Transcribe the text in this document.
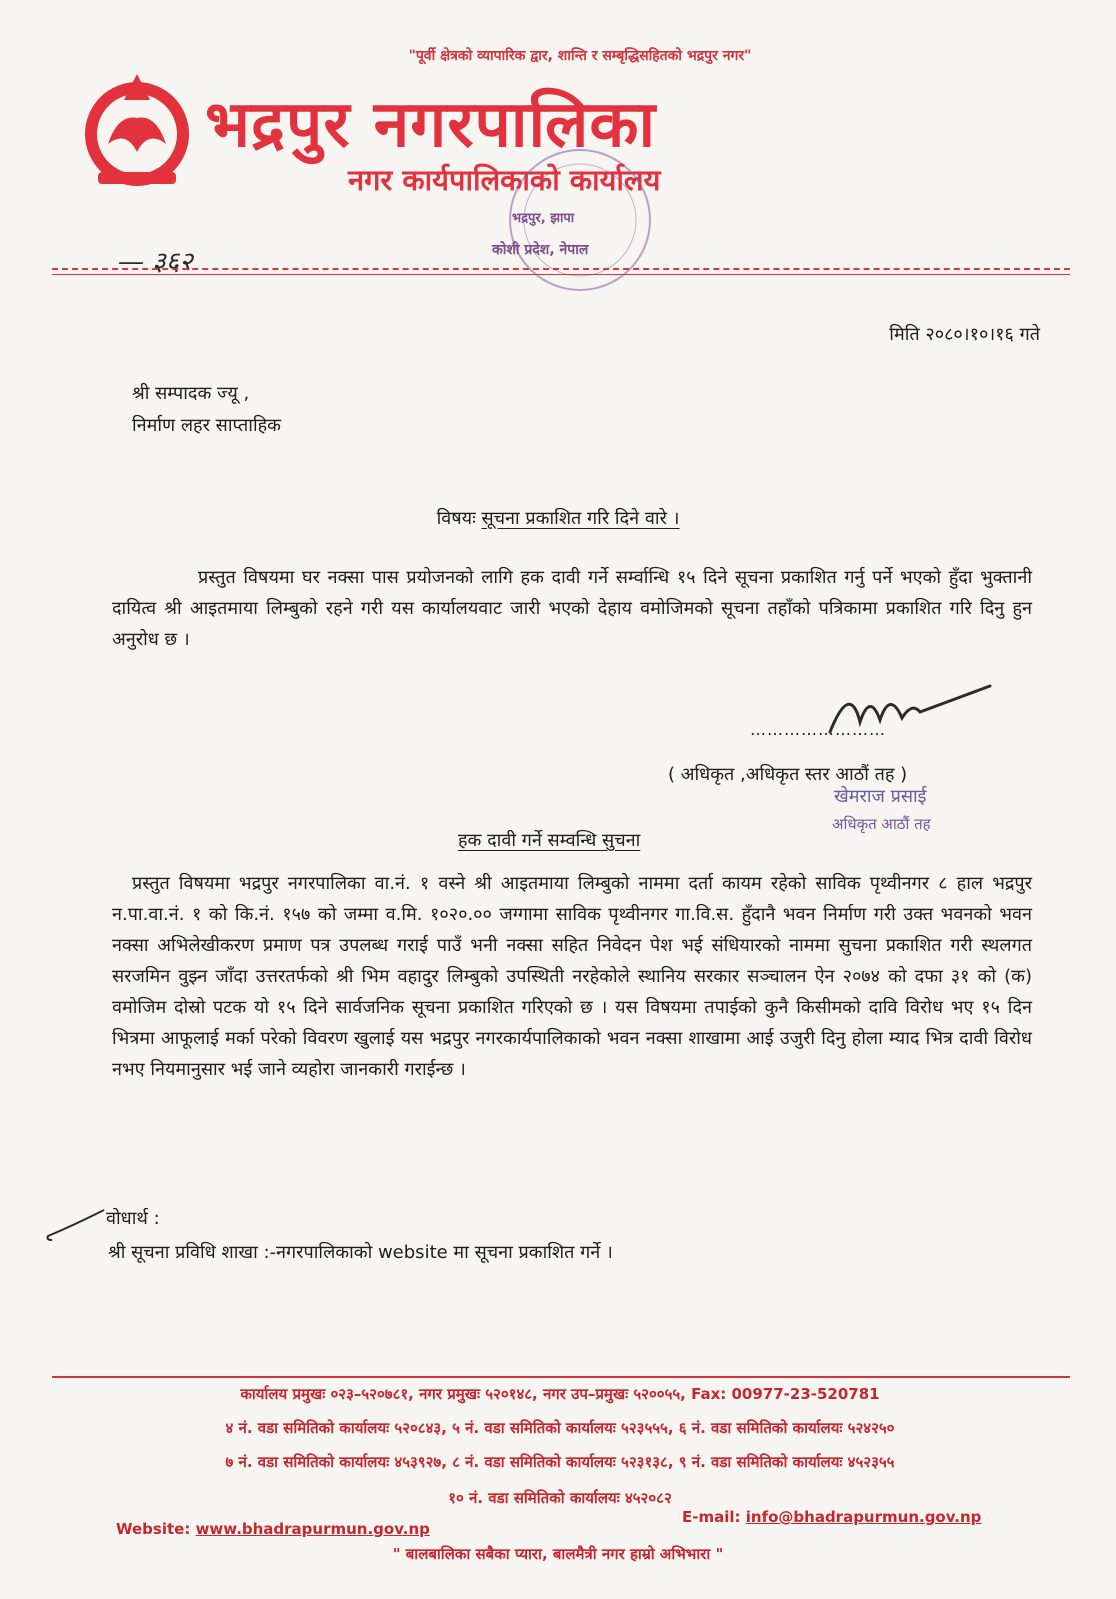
"पूर्वी क्षेत्रको व्यापारिक द्वार, शान्ति र सम्बृद्धिसहितको भद्रपुर नगर"
भद्रपुर नगरपालिका
नगर कार्यपालिकाको कार्यालय
भद्रपुर, झापा
कोशी प्रदेश, नेपाल
— ३६२
मिति २०८०।१०।१६ गते
श्री सम्पादक ज्यू ,
निर्माण लहर साप्ताहिक
विषयः सूचना प्रकाशित गरि दिने वारे ।
प्रस्तुत विषयमा घर नक्सा पास प्रयोजनको लागि हक दावी गर्ने सर्म्वान्धि १५ दिने सूचना प्रकाशित गर्नु पर्ने भएको हुँदा भुक्तानी दायित्व श्री आइतमाया लिम्बुको रहने गरी यस कार्यालयवाट जारी भएको देहाय वमोजिमको सूचना तहाँको पत्रिकामा प्रकाशित गरि दिनु हुन अनुरोध छ ।
……………………
( अधिकृत ,अधिकृत स्तर आठौं तह )
खेमराज प्रसाई
अधिकृत आठौं तह
हक दावी गर्ने सम्वन्धि सुचना
प्रस्तुत विषयमा भद्रपुर नगरपालिका वा.नं. १ वस्ने श्री आइतमाया लिम्बुको नाममा दर्ता कायम रहेको साविक पृथ्वीनगर ८ हाल भद्रपुर न.पा.वा.नं. १ को कि.नं. १५७ को जम्मा व.मि. १०२०.०० जग्गामा साविक पृथ्वीनगर गा.वि.स. हुँदानै भवन निर्माण गरी उक्त भवनको भवन नक्सा अभिलेखीकरण प्रमाण पत्र उपलब्ध गराई पाउँ भनी नक्सा सहित निवेदन पेश भई संधियारको नाममा सुचना प्रकाशित गरी स्थलगत सरजमिन वुझ्न जाँदा उत्तरतर्फको श्री भिम वहादुर लिम्बुको उपस्थिती नरहेकोले स्थानिय सरकार सञ्चालन ऐन २०७४ को दफा ३१ को (क) वमोजिम दोस्रो पटक यो १५ दिने सार्वजनिक सूचना प्रकाशित गरिएको छ । यस विषयमा तपाईको कुनै किसीमको दावि विरोध भए १५ दिन भित्रमा आफूलाई मर्का परेको विवरण खुलाई यस भद्रपुर नगरकार्यपालिकाको भवन नक्सा शाखामा आई उजुरी दिनु होला म्याद भित्र दावी विरोध नभए नियमानुसार भई जाने व्यहोरा जानकारी गराईन्छ ।
वोधार्थ :
श्री सूचना प्रविधि शाखा :-नगरपालिकाको website मा सूचना प्रकाशित गर्ने ।
कार्यालय प्रमुखः ०२३–५२०७८१, नगर प्रमुखः ५२०१४८, नगर उप–प्रमुखः ५२००५५, Fax: 00977-23-520781
४ नं. वडा समितिको कार्यालयः ५२०८४३, ५ नं. वडा समितिको कार्यालयः ५२३५५५, ६ नं. वडा समितिको कार्यालयः ५२४२५०
७ नं. वडा समितिको कार्यालयः ४५३९२७, ८ नं. वडा समितिको कार्यालयः ५२३१३८, ९ नं. वडा समितिको कार्यालयः ४५२३५५
१० नं. वडा समितिको कार्यालयः ४५२०८२
E-mail: info@bhadrapurmun.gov.np
Website: www.bhadrapurmun.gov.np
" बालबालिका सबैका प्यारा, बालमैत्री नगर हाम्रो अभिभारा "
